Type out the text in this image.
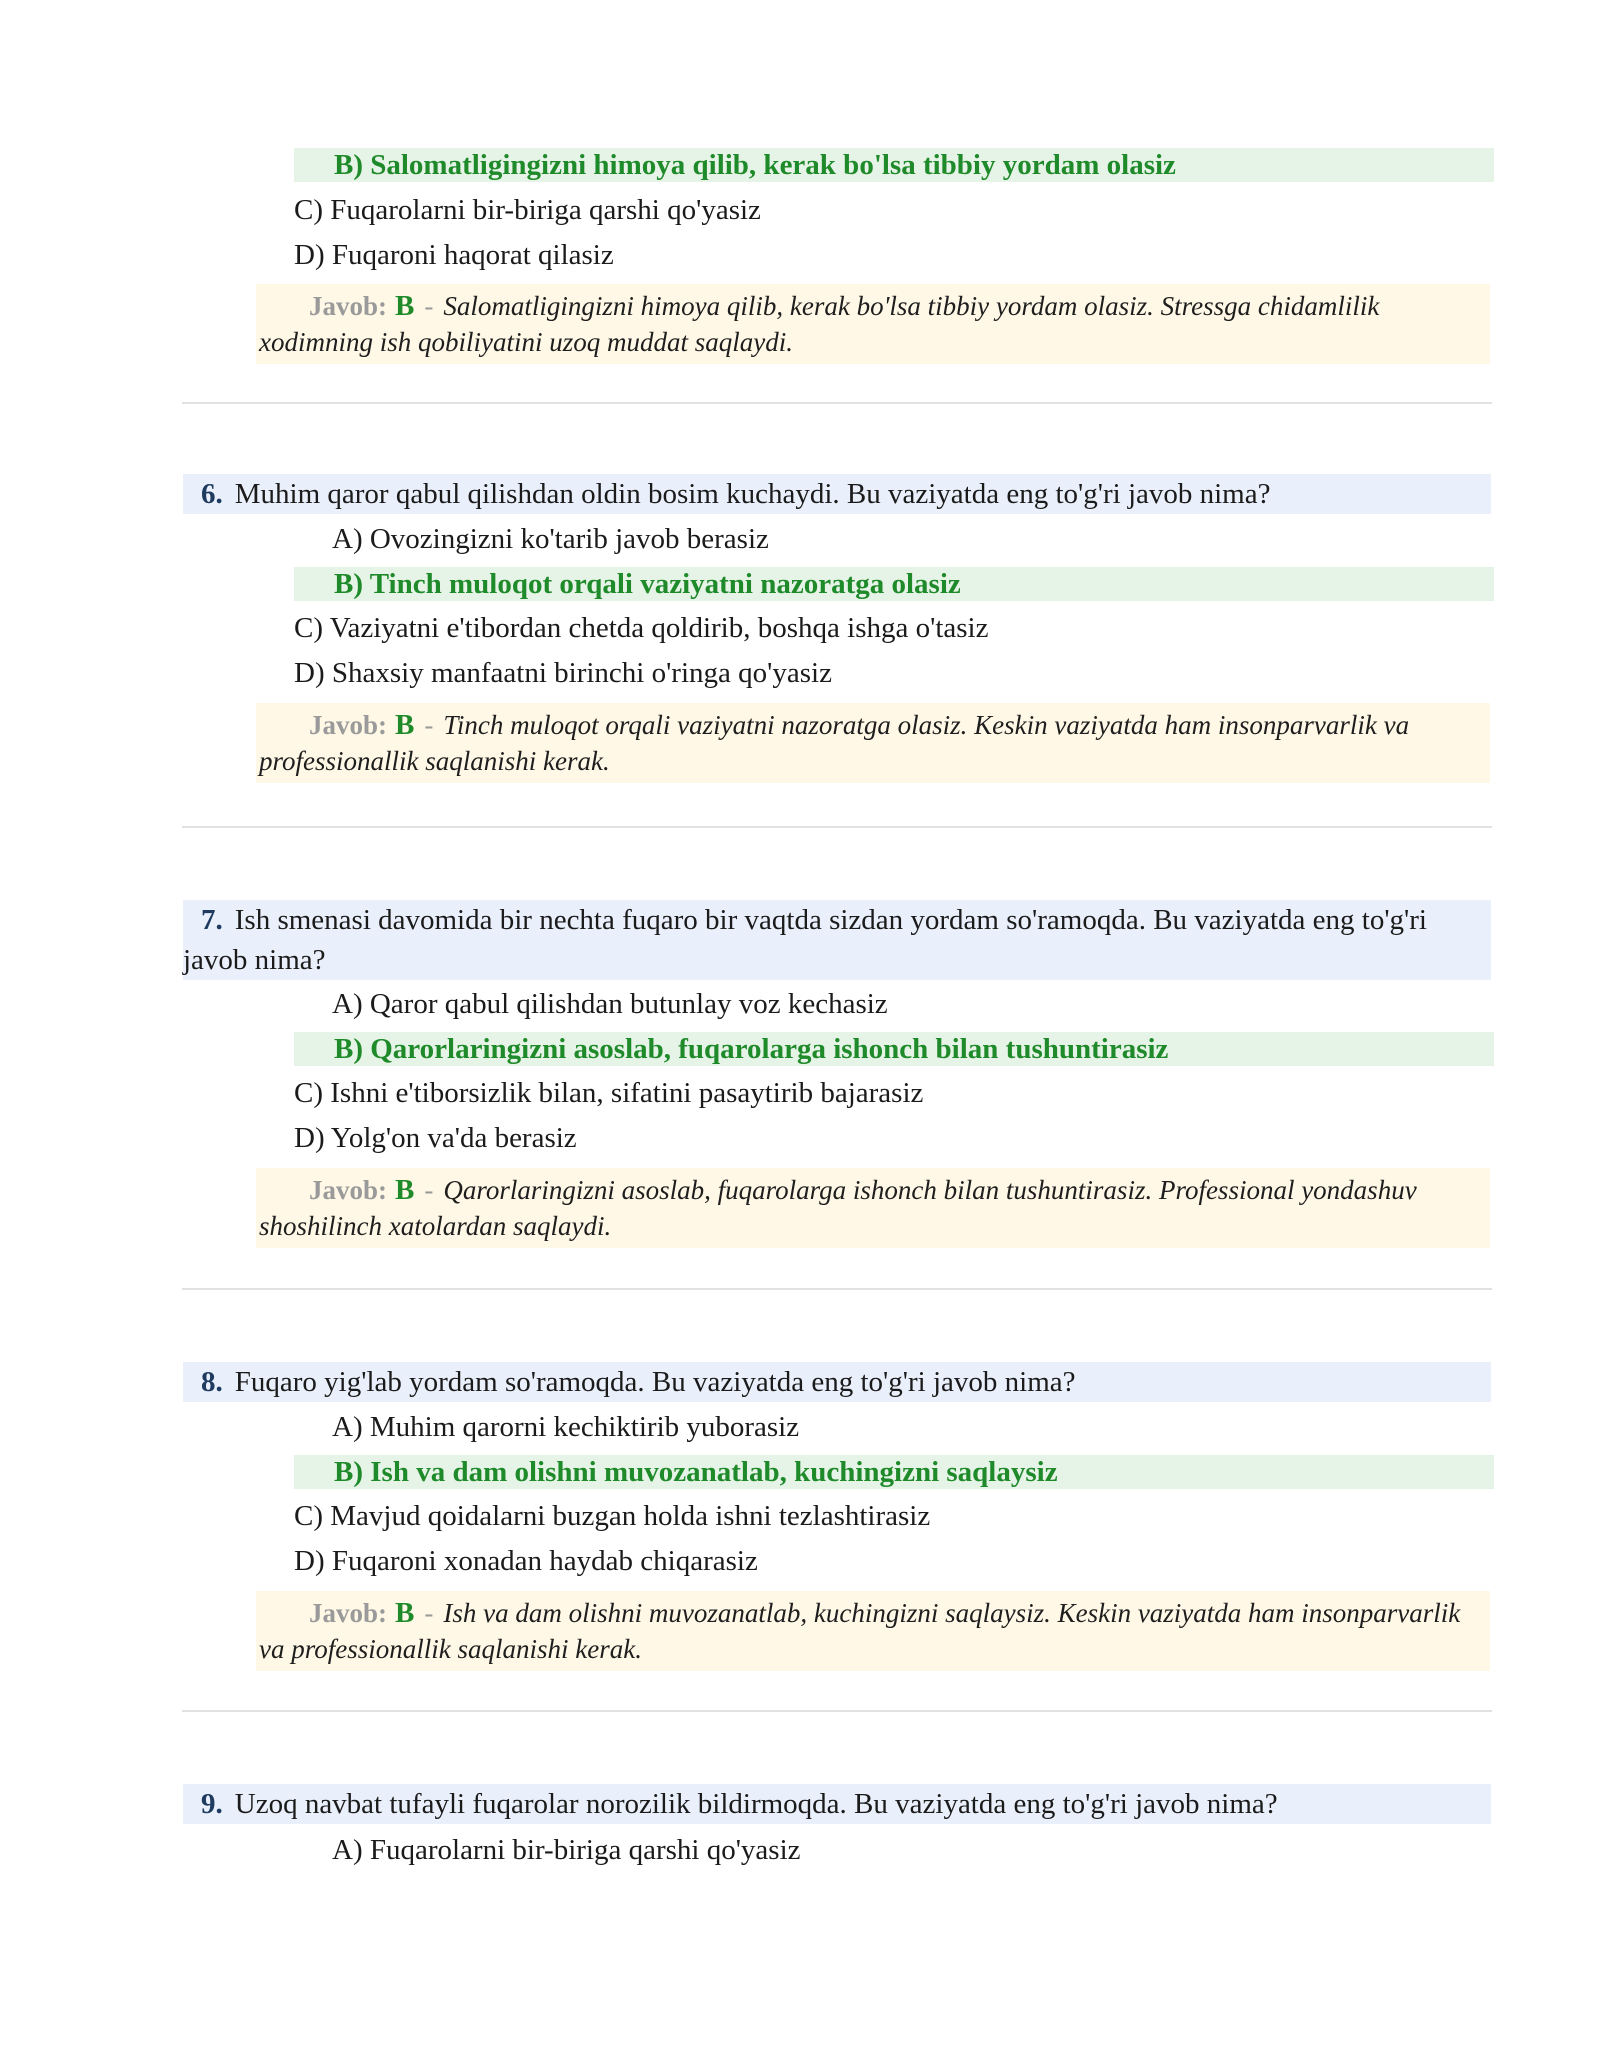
B) Salomatligingizni himoya qilib, kerak bo'lsa tibbiy yordam olasiz
C) Fuqarolarni bir-biriga qarshi qo'yasiz
D) Fuqaroni haqorat qilasiz
Javob: B - Salomatligingizni himoya qilib, kerak bo'lsa tibbiy yordam olasiz. Stressga chidamlilik xodimning ish qobiliyatini uzoq muddat saqlaydi.
6. Muhim qaror qabul qilishdan oldin bosim kuchaydi. Bu vaziyatda eng to'g'ri javob nima?
A) Ovozingizni ko'tarib javob berasiz
B) Tinch muloqot orqali vaziyatni nazoratga olasiz
C) Vaziyatni e'tibordan chetda qoldirib, boshqa ishga o'tasiz
D) Shaxsiy manfaatni birinchi o'ringa qo'yasiz
Javob: B - Tinch muloqot orqali vaziyatni nazoratga olasiz. Keskin vaziyatda ham insonparvarlik va professionallik saqlanishi kerak.
7. Ish smenasi davomida bir nechta fuqaro bir vaqtda sizdan yordam so'ramoqda. Bu vaziyatda eng to'g'ri javob nima?
A) Qaror qabul qilishdan butunlay voz kechasiz
B) Qarorlaringizni asoslab, fuqarolarga ishonch bilan tushuntirasiz
C) Ishni e'tiborsizlik bilan, sifatini pasaytirib bajarasiz
D) Yolg'on va'da berasiz
Javob: B - Qarorlaringizni asoslab, fuqarolarga ishonch bilan tushuntirasiz. Professional yondashuv shoshilinch xatolardan saqlaydi.
8. Fuqaro yig'lab yordam so'ramoqda. Bu vaziyatda eng to'g'ri javob nima?
A) Muhim qarorni kechiktirib yuborasiz
B) Ish va dam olishni muvozanatlab, kuchingizni saqlaysiz
C) Mavjud qoidalarni buzgan holda ishni tezlashtirasiz
D) Fuqaroni xonadan haydab chiqarasiz
Javob: B - Ish va dam olishni muvozanatlab, kuchingizni saqlaysiz. Keskin vaziyatda ham insonparvarlik va professionallik saqlanishi kerak.
9. Uzoq navbat tufayli fuqarolar norozilik bildirmoqda. Bu vaziyatda eng to'g'ri javob nima?
A) Fuqarolarni bir-biriga qarshi qo'yasiz
